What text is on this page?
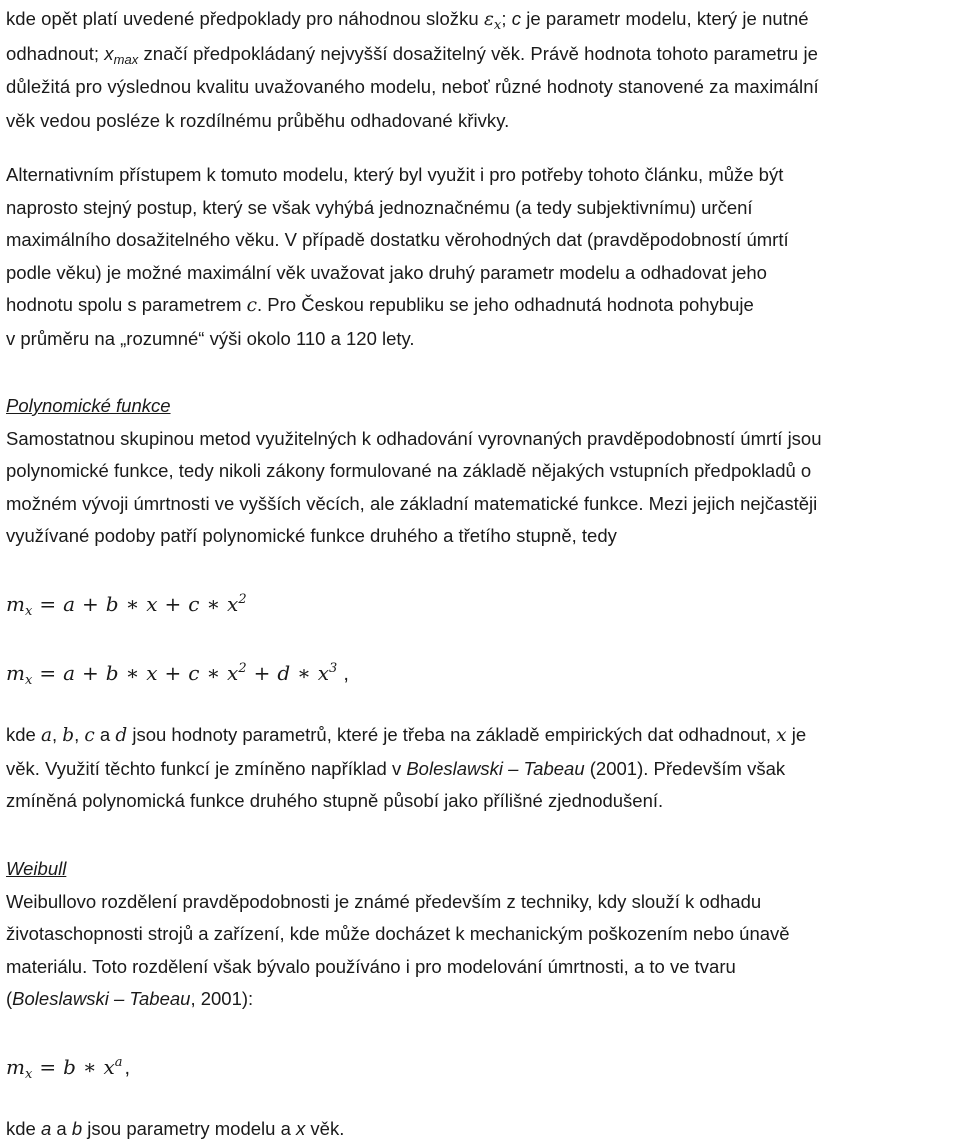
kde opět platí uvedené předpoklady pro náhodnou složku $\varepsilon_x$; c je parametr modelu, který je nutné
odhadnout; $x_{max}$ značí předpokládaný nejvyšší dosažitelný věk. Právě hodnota tohoto parametru je
důležitá pro výslednou kvalitu uvažovaného modelu, neboť různé hodnoty stanovené za maximální
věk vedou posléze k rozdílnému průběhu odhadované křivky.

Alternativním přístupem k tomuto modelu, který byl využit i pro potřeby tohoto článku, může být
naprosto stejný postup, který se však vyhýbá jednoznačnému (a tedy subjektivnímu) určení
maximálního dosažitelného věku. V případě dostatku věrohodných dat (pravděpodobností úmrtí
podle věku) je možné maximální věk uvažovat jako druhý parametr modelu a odhadovat jeho
hodnotu spolu s parametrem c. Pro Českou republiku se jeho odhadnutá hodnota pohybuje
v průměru na „rozumné“ výši okolo 110 a 120 lety.

Polynomické funkce
Samostatnou skupinou metod využitelných k odhadování vyrovnaných pravděpodobností úmrtí jsou
polynomické funkce, tedy nikoli zákony formulované na základě nějakých vstupních předpokladů o
možném vývoji úmrtnosti ve vyšších věcích, ale základní matematické funkce. Mezi jejich nejčastěji
využívané podoby patří polynomické funkce druhého a třetího stupně, tedy

$m_x = a + b$ ∗ x + c ∗ $x^2$
$m_x = a + b$ ∗ x + c ∗ $x^2 + d$ ∗ $x^3$ ,

kde a, b, c a d jsou hodnoty parametrů, které je třeba na základě empirických dat odhadnout, x je
věk. Využití těchto funkcí je zmíněno například v Boleslawski – Tabeau (2001). Především však
zmíněná polynomická funkce druhého stupně působí jako přílišné zjednodušení.

Weibull
Weibullovo rozdělení pravděpodobnosti je známé především z techniky, kdy slouží k odhadu
životaschopnosti strojů a zařízení, kde může docházet k mechanickým poškozením nebo únavě
materiálu. Toto rozdělení však bývalo používáno i pro modelování úmrtnosti, a to ve tvaru
(Boleslawski – Tabeau, 2001):

$m_x = b$ ∗ $x^a$ ,

kde a a b jsou parametry modelu a x věk.
